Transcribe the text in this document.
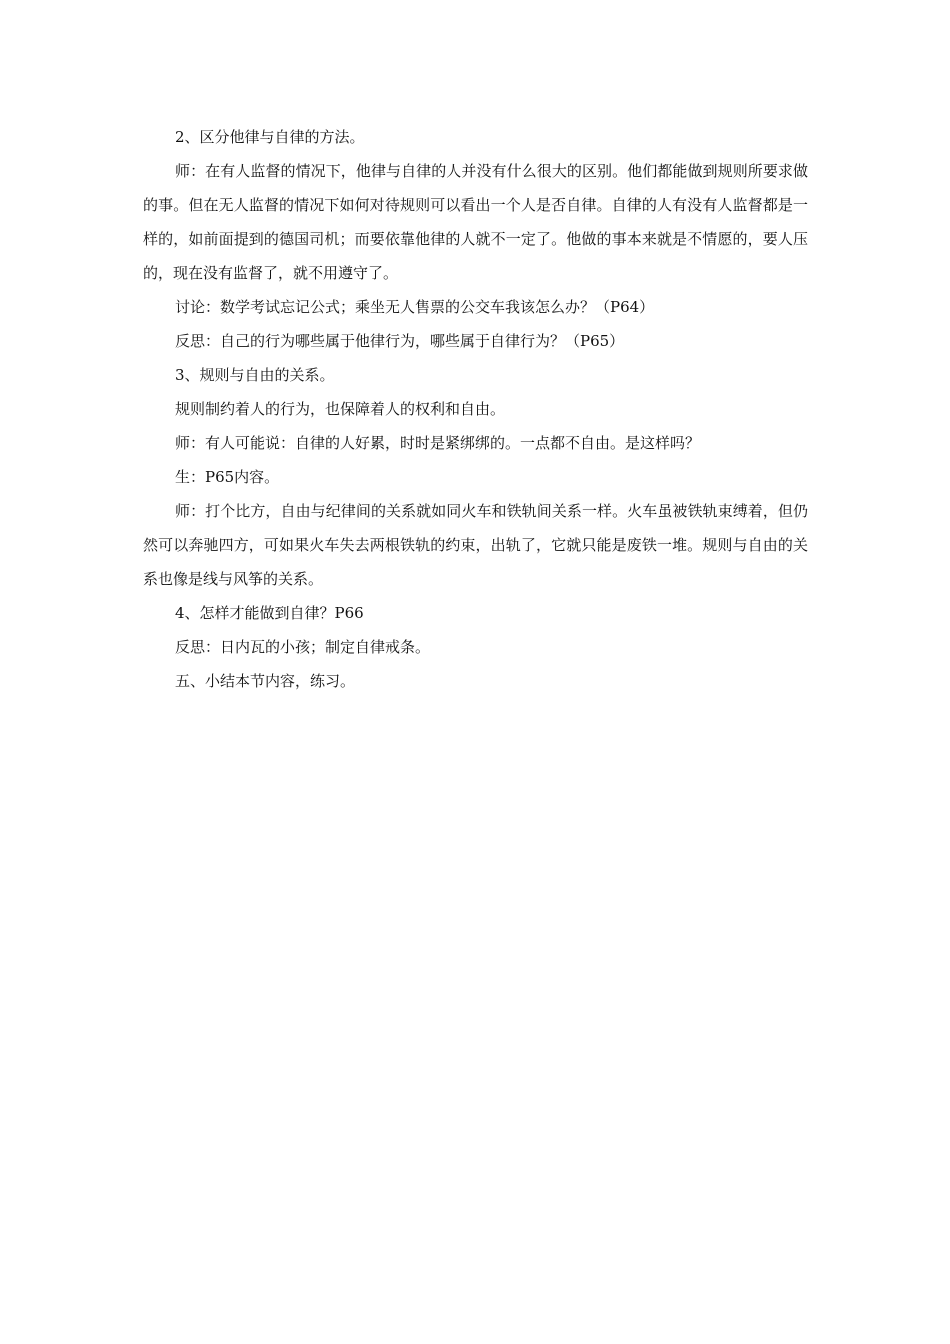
2、区分他律与自律的方法。

师：在有人监督的情况下，他律与自律的人并没有什么很大的区别。他们都能做到规则所要求做的事。但在无人监督的情况下如何对待规则可以看出一个人是否自律。自律的人有没有人监督都是一样的，如前面提到的德国司机；而要依靠他律的人就不一定了。他做的事本来就是不情愿的，要人压的，现在没有监督了，就不用遵守了。

讨论：数学考试忘记公式；乘坐无人售票的公交车我该怎么办？（P64）

反思：自己的行为哪些属于他律行为，哪些属于自律行为？（P65）

3、规则与自由的关系。

规则制约着人的行为，也保障着人的权利和自由。

师：有人可能说：自律的人好累，时时是紧绑绑的。一点都不自由。是这样吗？

生：P65内容。

师：打个比方，自由与纪律间的关系就如同火车和铁轨间关系一样。火车虽被铁轨束缚着，但仍然可以奔驰四方，可如果火车失去两根铁轨的约束，出轨了，它就只能是废铁一堆。规则与自由的关系也像是线与风筝的关系。

4、怎样才能做到自律？P66

反思：日内瓦的小孩；制定自律戒条。

五、小结本节内容，练习。
